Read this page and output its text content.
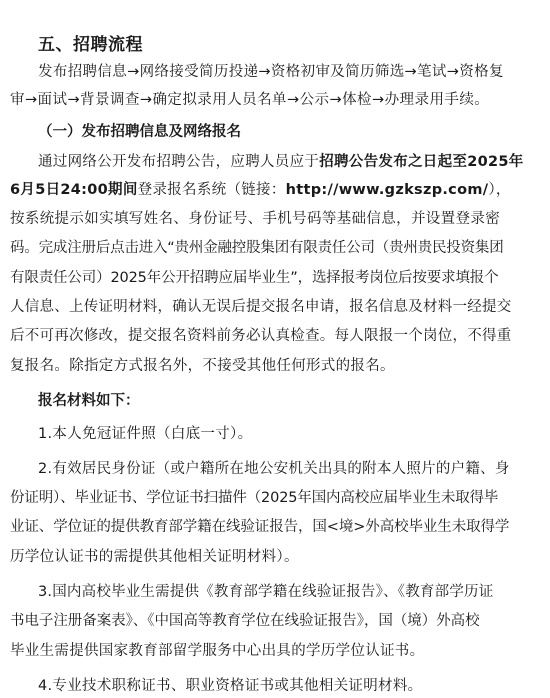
五、招聘流程
发布招聘信息→网络接受简历投递→资格初审及简历筛选→笔试→资格复
审→面试→背景调查→确定拟录用人员名单→公示→体检→办理录用手续。
（一）发布招聘信息及网络报名
通过网络公开发布招聘公告，应聘人员应于招聘公告发布之日起至2025年
6月5日24:00期间登录报名系统（链接：http://www.gzkszp.com/），
按系统提示如实填写姓名、身份证号、手机号码等基础信息，并设置登录密
码。完成注册后点击进入“贵州金融控股集团有限责任公司（贵州贵民投资集团
有限责任公司）2025年公开招聘应届毕业生”，选择报考岗位后按要求填报个
人信息、上传证明材料，确认无误后提交报名申请，报名信息及材料一经提交
后不可再次修改，提交报名资料前务必认真检查。每人限报一个岗位，不得重
复报名。除指定方式报名外，不接受其他任何形式的报名。
报名材料如下：
1.本人免冠证件照（白底一寸）。
2.有效居民身份证（或户籍所在地公安机关出具的附本人照片的户籍、身
份证明）、毕业证书、学位证书扫描件（2025年国内高校应届毕业生未取得毕
业证、学位证的提供教育部学籍在线验证报告，国<境>外高校毕业生未取得学
历学位认证书的需提供其他相关证明材料）。
3.国内高校毕业生需提供《教育部学籍在线验证报告》、《教育部学历证
书电子注册备案表》、《中国高等教育学位在线验证报告》，国（境）外高校
毕业生需提供国家教育部留学服务中心出具的学历学位认证书。
4.专业技术职称证书、职业资格证书或其他相关证明材料。
